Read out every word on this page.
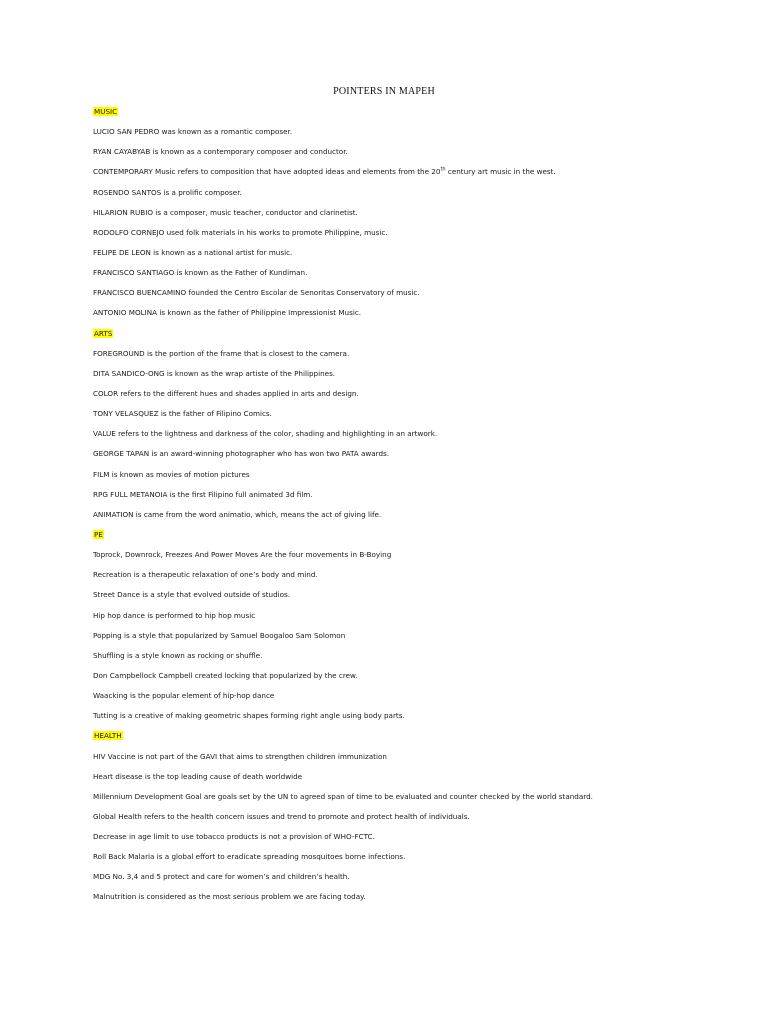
POINTERS IN MAPEH
MUSIC
LUCIO SAN PEDRO was known as a romantic composer.
RYAN CAYABYAB is known as a contemporary composer and conductor.
CONTEMPORARY Music refers to composition that have adopted ideas and elements from the 20th century art music in the west.
ROSENDO SANTOS is a prolific composer.
HILARION RUBIO is a composer, music teacher, conductor and clarinetist.
RODOLFO CORNEJO used folk materials in his works to promote Philippine, music.
FELIPE DE LEON is known as a national artist for music.
FRANCISCO SANTIAGO is known as the Father of Kundiman.
FRANCISCO BUENCAMINO founded the Centro Escolar de Senoritas Conservatory of music.
ANTONIO MOLINA is known as the father of Philippine Impressionist Music.
ARTS
FOREGROUND is the portion of the frame that is closest to the camera.
DITA SANDICO-ONG is known as the wrap artiste of the Philippines.
COLOR refers to the different hues and shades applied in arts and design.
TONY VELASQUEZ is the father of Filipino Comics.
VALUE refers to the lightness and darkness of the color, shading and highlighting in an artwork.
GEORGE TAPAN is an award-winning photographer who has won two PATA awards.
FILM is known as movies of motion pictures
RPG FULL METANOIA is the first Filipino full animated 3d film.
ANIMATION is came from the word animatio, which, means the act of giving life.
PE
Toprock, Downrock, Freezes And Power Moves Are the four movements in B-Boying
Recreation is a therapeutic relaxation of one’s body and mind.
Street Dance is a style that evolved outside of studios.
Hip hop dance is performed to hip hop music
Popping is a style that popularized by Samuel Boogaloo Sam Solomon
Shuffling is a style known as rocking or shuffle.
Don Campbellock Campbell created locking that popularized by the crew.
Waacking is the popular element of hip-hop dance
Tutting is a creative of making geometric shapes forming right angle using body parts.
HEALTH
HIV Vaccine is not part of the GAVI that aims to strengthen children immunization
Heart disease is the top leading cause of death worldwide
Millennium Development Goal are goals set by the UN to agreed span of time to be evaluated and counter checked by the world standard.
Global Health refers to the health concern issues and trend to promote and protect health of individuals.
Decrease in age limit to use tobacco products is not a provision of WHO-FCTC.
Roll Back Malaria is a global effort to eradicate spreading mosquitoes borne infections.
MDG No. 3,4 and 5 protect and care for women’s and children’s health.
Malnutrition is considered as the most serious problem we are facing today.
